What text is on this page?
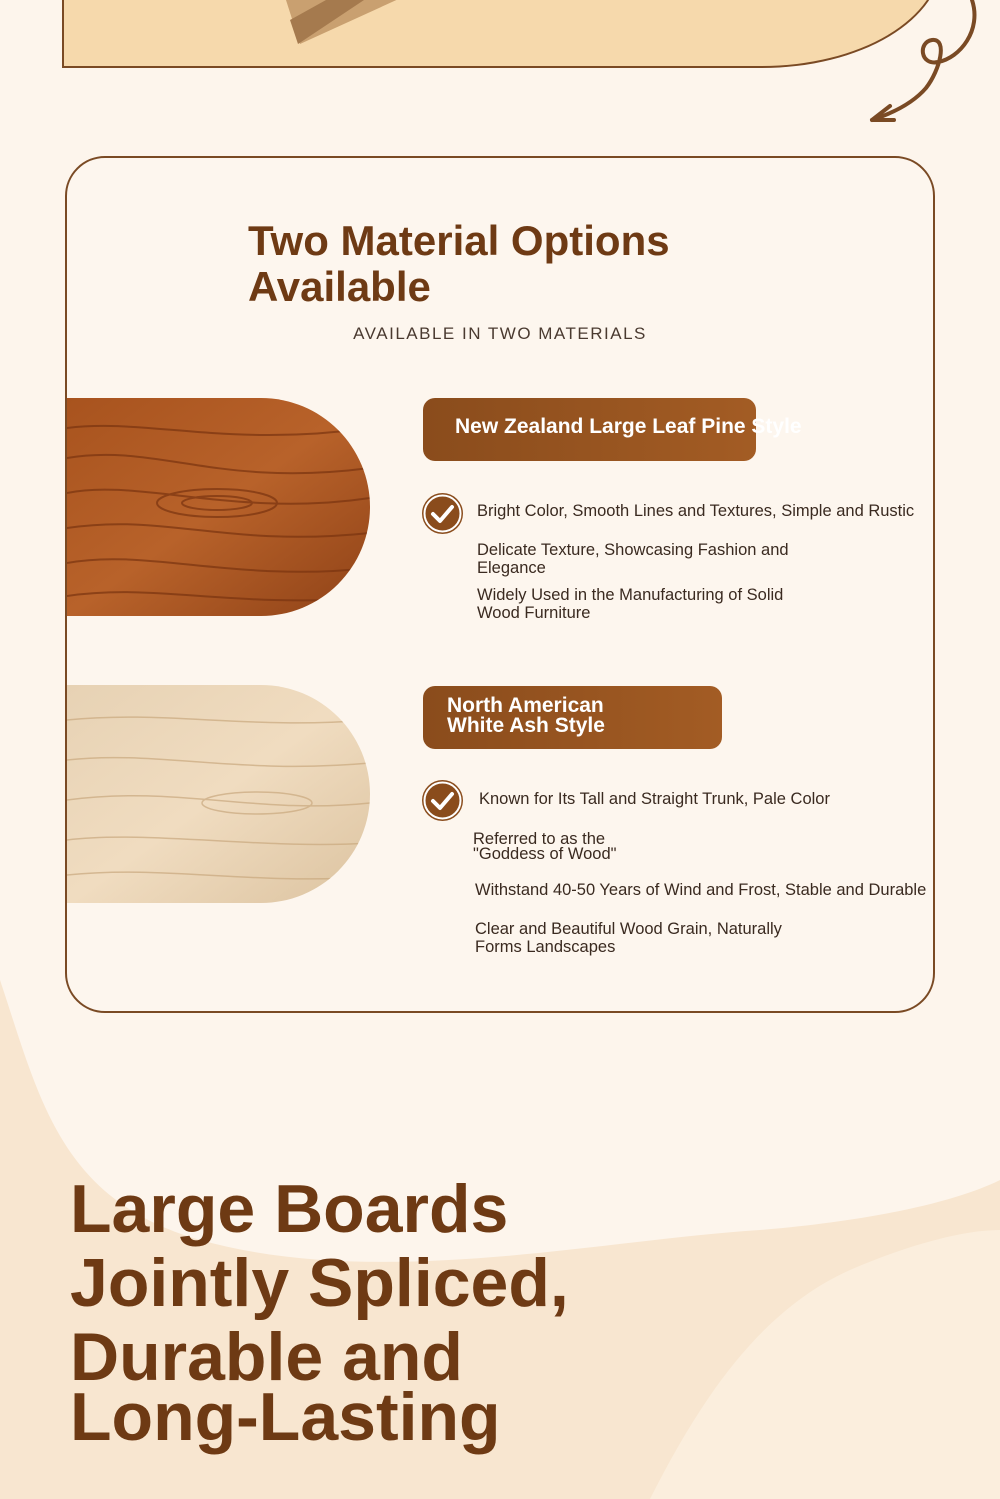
Two Material Options Available
AVAILABLE IN TWO MATERIALS
New Zealand Large Leaf Pine Style
Bright Color, Smooth Lines and Textures, Simple and Rustic
Delicate Texture, Showcasing Fashion and Elegance
Widely Used in the Manufacturing of Solid Wood Furniture
North American
White Ash Style
Known for Its Tall and Straight Trunk, Pale Color
Referred to as the
"Goddess of Wood"
Withstand 40-50 Years of Wind and Frost, Stable and Durable
Clear and Beautiful Wood Grain, Naturally Forms Landscapes
Large Boards
Jointly Spliced,
Durable and
Long-Lasting
